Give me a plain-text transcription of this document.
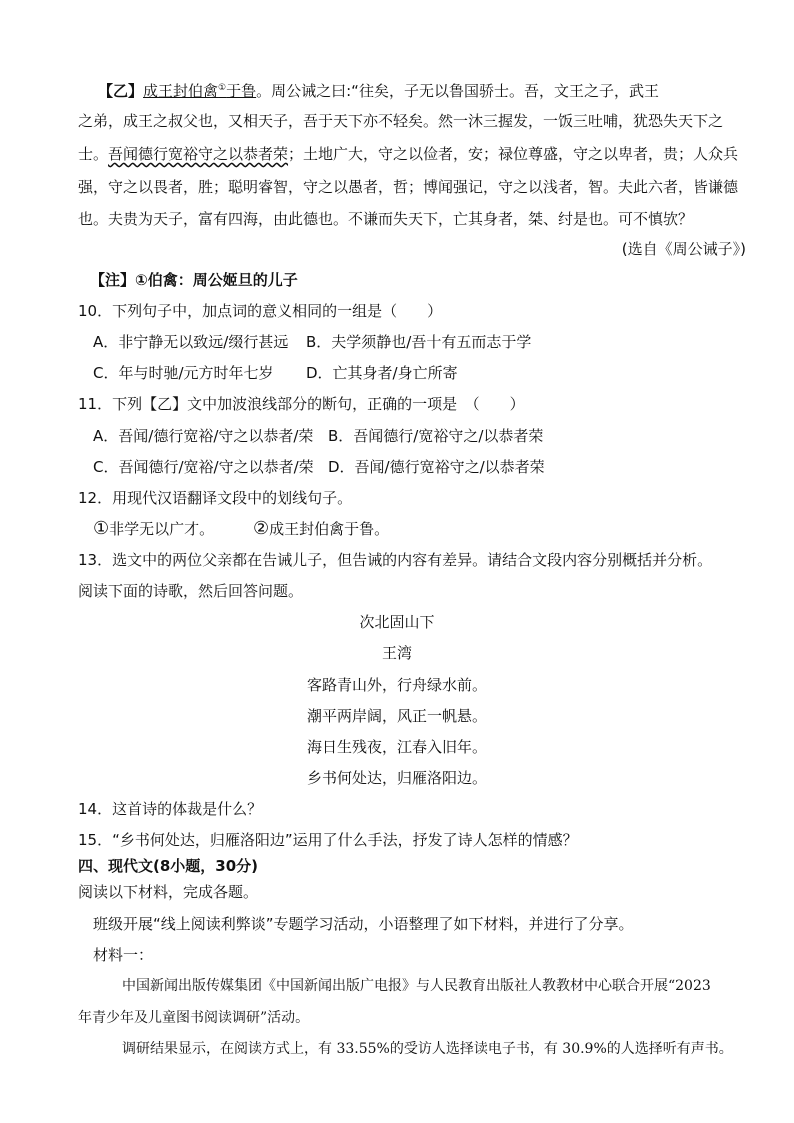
【乙】成王封伯禽①于鲁。周公诫之曰:“往矣，子无以鲁国骄士。吾，文王之子，武王
之弟，成王之叔父也，又相天子，吾于天下亦不轻矣。然一沐三握发，一饭三吐哺，犹恐失天下之
士。吾闻德行宽裕守之以恭者荣；土地广大，守之以俭者，安；禄位尊盛，守之以卑者，贵；人众兵
强，守之以畏者，胜；聪明睿智，守之以愚者，哲；博闻强记，守之以浅者，智。夫此六者，皆谦德
也。夫贵为天子，富有四海，由此德也。不谦而失天下，亡其身者，桀、纣是也。可不慎欤？
(选自《周公诫子》)
【注】①伯禽：周公姬旦的儿子
10．下列句子中，加点词的意义相同的一组是（　　）
A．非宁静无以致远/缀行甚远 B．夫学须静也/吾十有五而志于学
C．年与时驰/元方时年七岁 D．亡其身者/身亡所寄
11．下列【乙】文中加波浪线部分的断句，正确的一项是　（　　）
A．吾闻/德行宽裕/守之以恭者/荣 B．吾闻德行/宽裕守之/以恭者荣
C．吾闻德行/宽裕/守之以恭者/荣 D．吾闻/德行宽裕守之/以恭者荣
12．用现代汉语翻译文段中的划线句子。
①非学无以广才。 ②成王封伯禽于鲁。
13．选文中的两位父亲都在告诫儿子，但告诫的内容有差异。请结合文段内容分别概括并分析。
阅读下面的诗歌，然后回答问题。
次北固山下
王湾
客路青山外，行舟绿水前。
潮平两岸阔，风正一帆悬。
海日生残夜，江春入旧年。
乡书何处达，归雁洛阳边。
14．这首诗的体裁是什么？
15．“乡书何处达，归雁洛阳边”运用了什么手法，抒发了诗人怎样的情感？
四、现代文(8小题，30分)
阅读以下材料，完成各题。
班级开展“线上阅读利弊谈”专题学习活动，小语整理了如下材料，并进行了分享。
材料一：
中国新闻出版传媒集团《中国新闻出版广电报》与人民教育出版社人教教材中心联合开展“2023
年青少年及儿童图书阅读调研”活动。
调研结果显示，在阅读方式上，有 33.55%的受访人选择读电子书，有 30.9%的人选择听有声书。
